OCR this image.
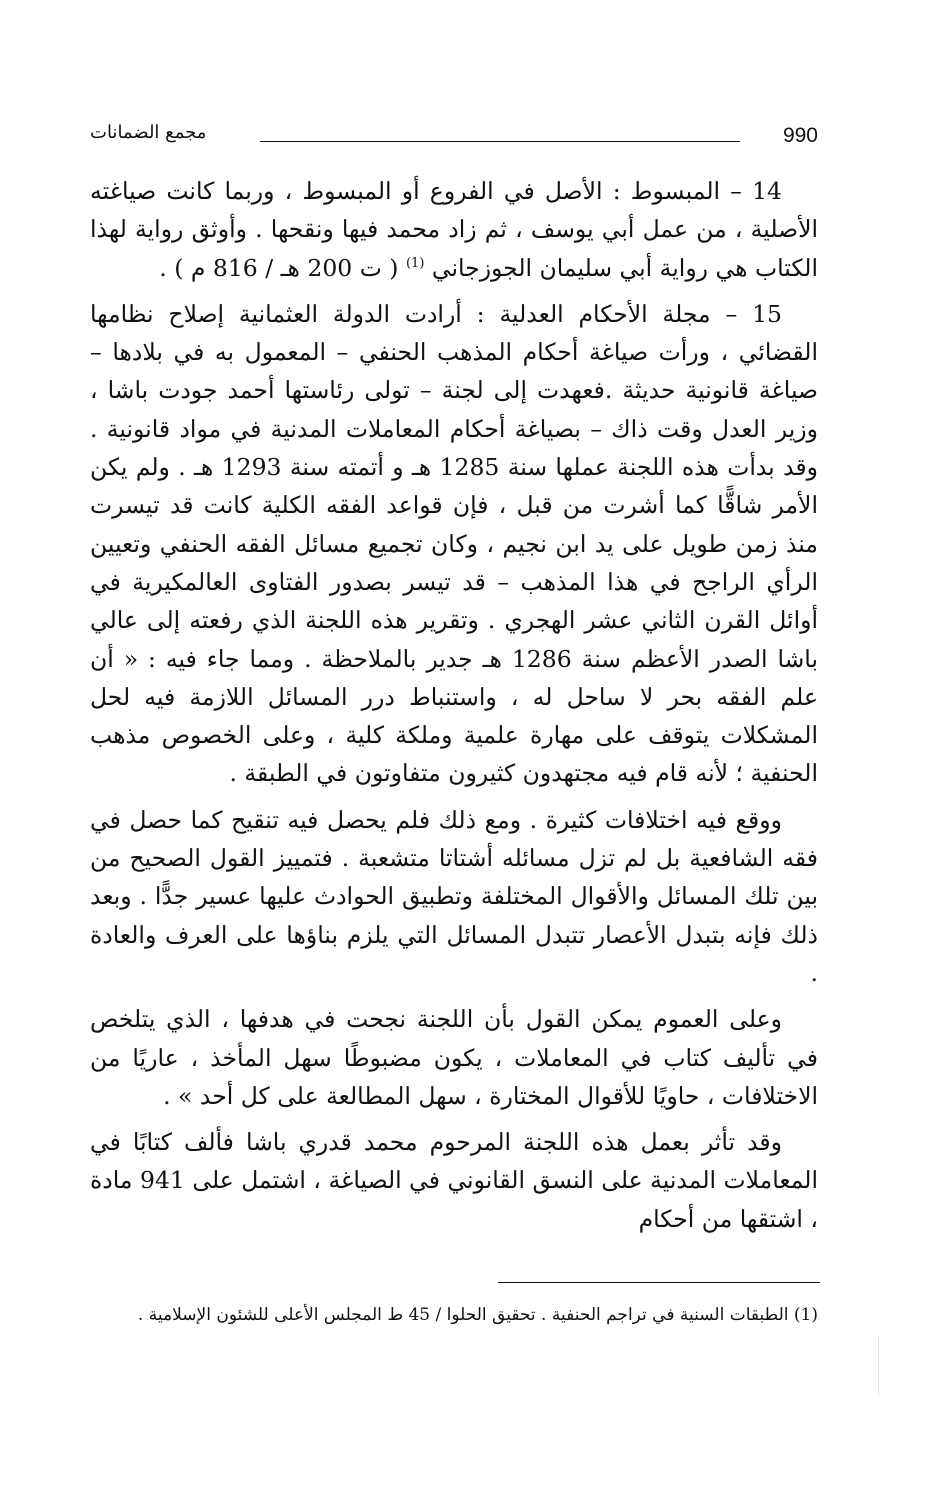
990
مجمع الضمانات

14 – المبسوط : الأصل في الفروع أو المبسوط ، وربما كانت صياغته الأصلية ، من عمل أبي يوسف ، ثم زاد محمد فيها ونقحها . وأوثق رواية لهذا الكتاب هي رواية أبي سليمان الجوزجاني $^{(1)}$ ( ت 200 هـ / 816 م ) .

15 – مجلة الأحكام العدلية : أرادت الدولة العثمانية إصلاح نظامها القضائي ، ورأت صياغة أحكام المذهب الحنفي – المعمول به في بلادها – صياغة قانونية حديثة .فعهدت إلى لجنة – تولى رئاستها أحمد جودت باشا ، وزير العدل وقت ذاك – بصياغة أحكام المعاملات المدنية في مواد قانونية . وقد بدأت هذه اللجنة عملها سنة 1285 هـ و أتمته سنة 1293 هـ . ولم يكن الأمر شاقًّا كما أشرت من قبل ، فإن قواعد الفقه الكلية كانت قد تيسرت منذ زمن طويل على يد ابن نجيم ، وكان تجميع مسائل الفقه الحنفي وتعيين الرأي الراجح في هذا المذهب – قد تيسر بصدور الفتاوى العالمكيرية في أوائل القرن الثاني عشر الهجري . وتقرير هذه اللجنة الذي رفعته إلى عالي باشا الصدر الأعظم سنة 1286 هـ جدير بالملاحظة . ومما جاء فيه : « أن علم الفقه بحر لا ساحل له ، واستنباط درر المسائل اللازمة فيه لحل المشكلات يتوقف على مهارة علمية وملكة كلية ، وعلى الخصوص مذهب الحنفية ؛ لأنه قام فيه مجتهدون كثيرون متفاوتون في الطبقة .

ووقع فيه اختلافات كثيرة . ومع ذلك فلم يحصل فيه تنقيح كما حصل في فقه الشافعية بل لم تزل مسائله أشتاتا متشعبة . فتمييز القول الصحيح من بين تلك المسائل والأقوال المختلفة وتطبيق الحوادث عليها عسير جدًّا . وبعد ذلك فإنه بتبدل الأعصار تتبدل المسائل التي يلزم بناؤها على العرف والعادة .

وعلى العموم يمكن القول بأن اللجنة نجحت في هدفها ، الذي يتلخص في تأليف كتاب في المعاملات ، يكون مضبوطًا سهل المأخذ ، عاريًا من الاختلافات ، حاويًا للأقوال المختارة ، سهل المطالعة على كل أحد » .

وقد تأثر بعمل هذه اللجنة المرحوم محمد قدري باشا فألف كتابًا في المعاملات المدنية على النسق القانوني في الصياغة ، اشتمل على 941 مادة ، اشتقها من أحكام

(1) الطبقات السنية في تراجم الحنفية . تحقيق الحلوا / 45 ط المجلس الأعلى للشئون الإسلامية .
